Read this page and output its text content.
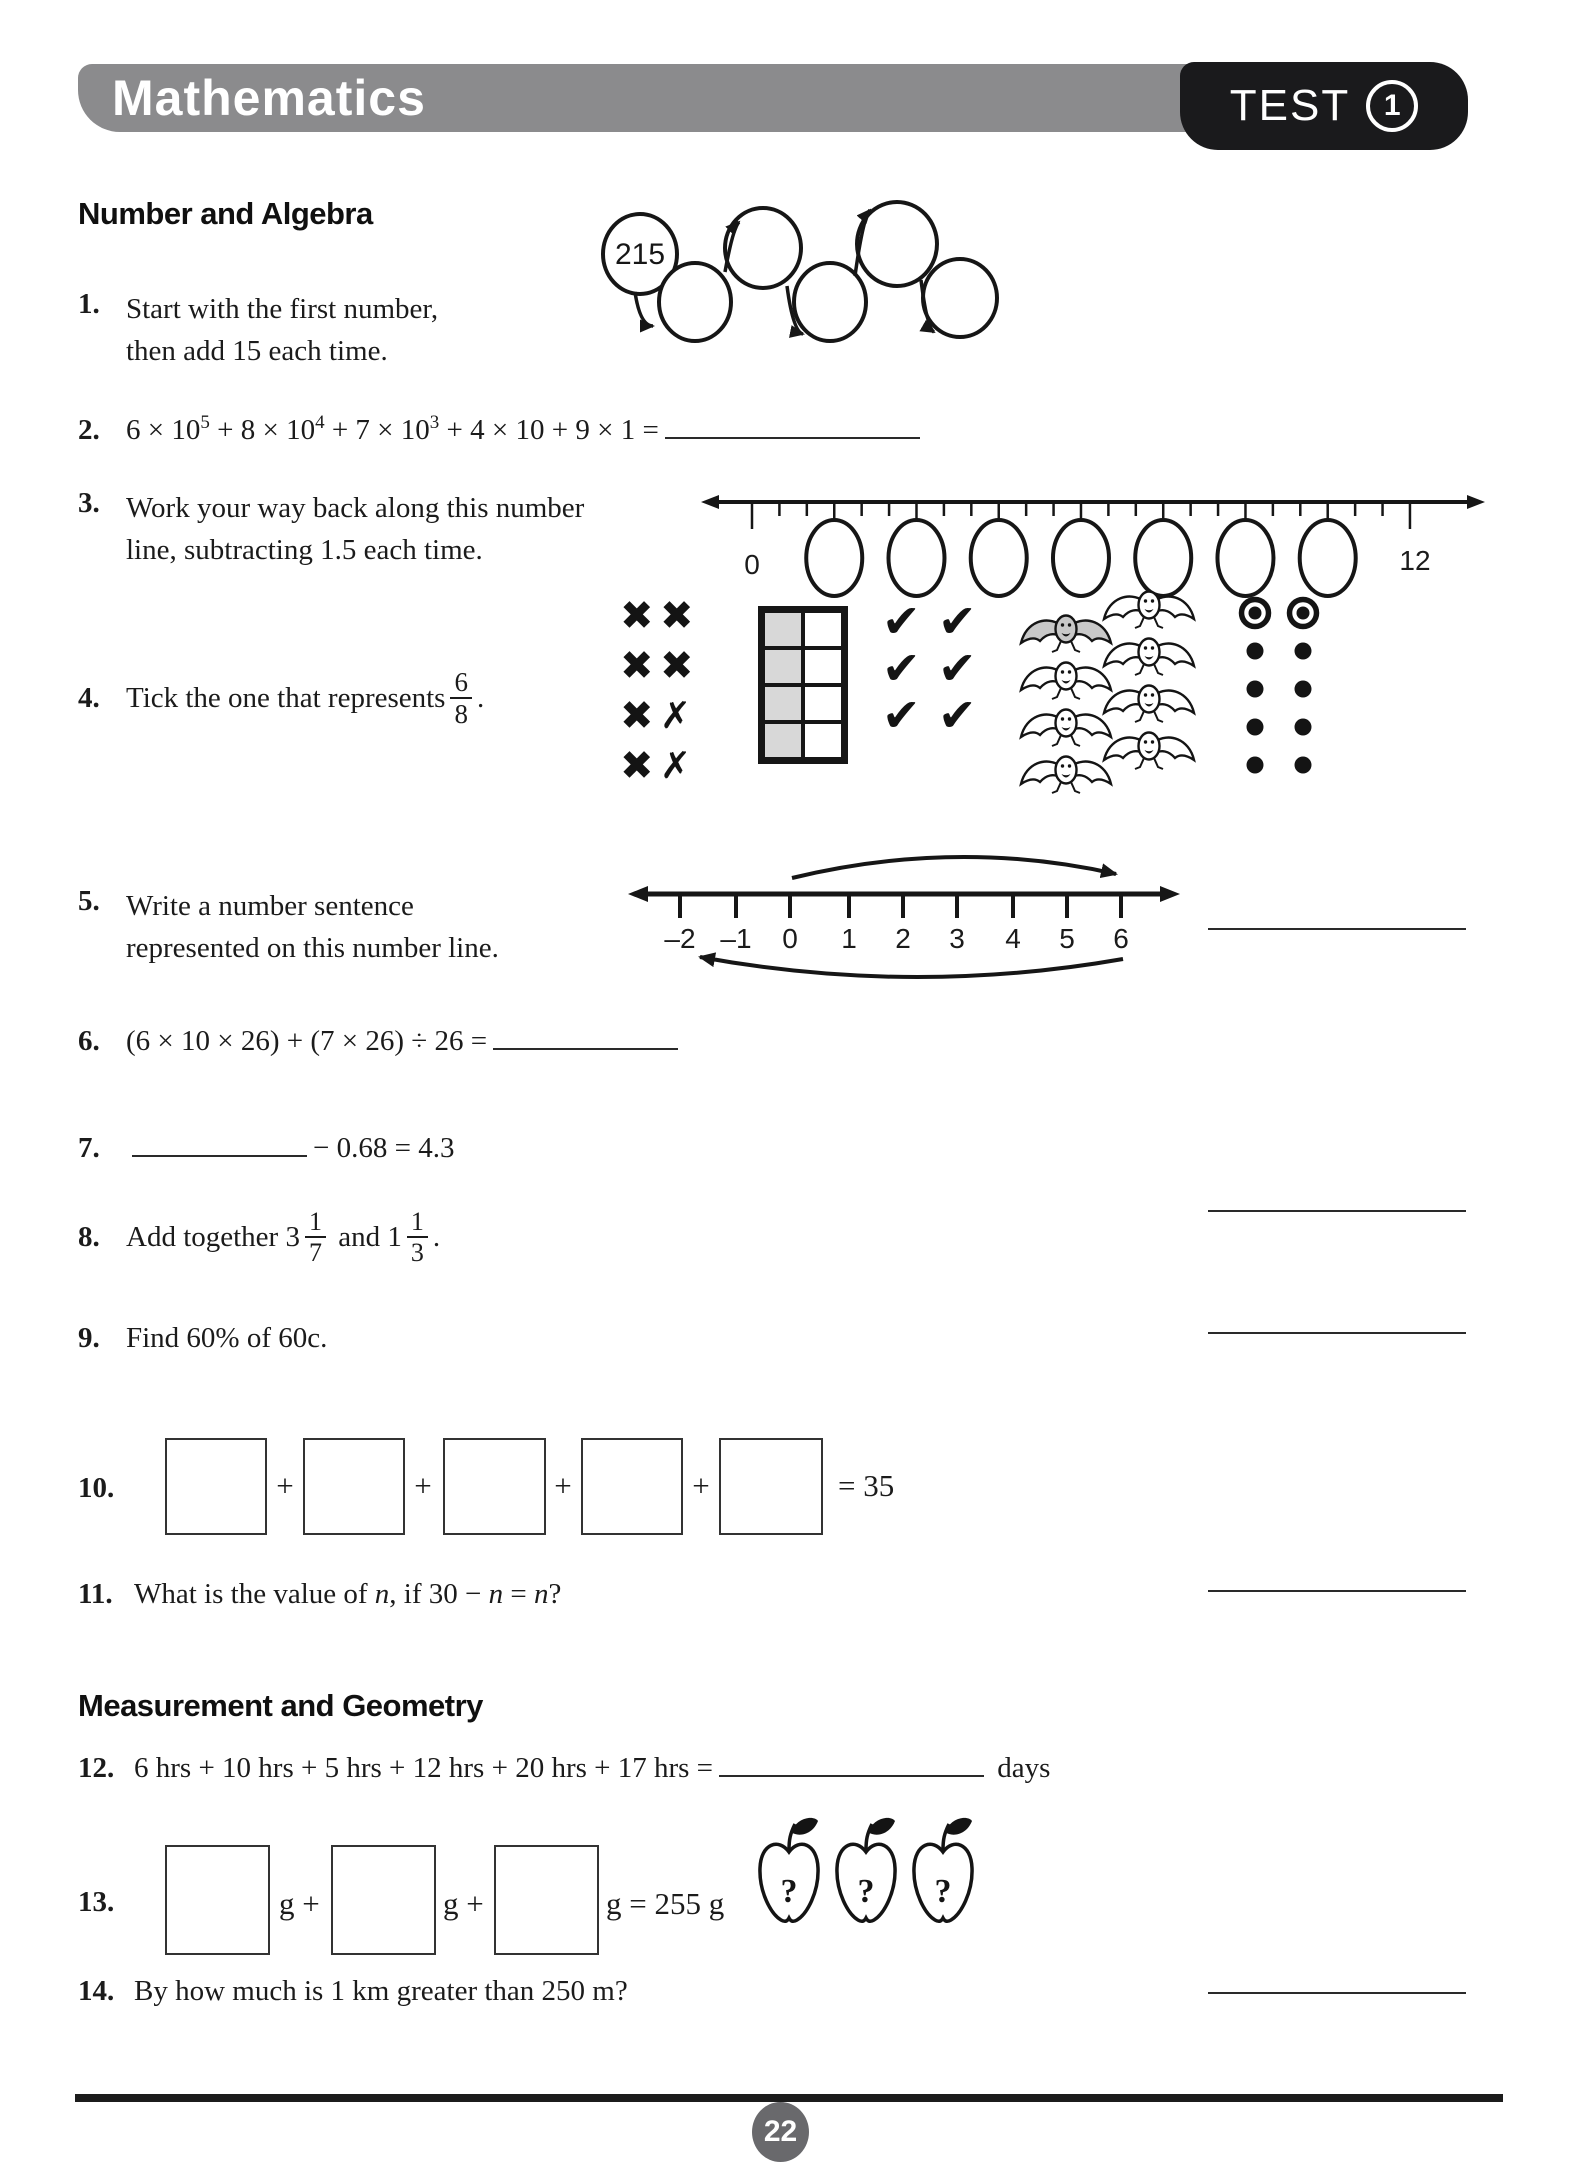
Mathematics	TEST 1
Number and Algebra
1. Start with the first number,
then add 15 each time.
215
2. $6 \times 10^5 + 8 \times 10^4 + 7 \times 10^3 + 4 \times 10 + 9 \times 1$ =
3. Work your way back along this number
line, subtracting 1.5 each time.	0	12
4. Tick the one that represents $\frac{6}{8}$ .
✖ ✖
✖ ✖
✖ ✗
✖ ✗
✔ ✔
✔ ✔
✔ ✔
5. Write a number sentence
represented on this number line.	–2 –1 0 1 2 3 4 5 6
6. (6 × 10 × 26) + (7 × 26) ÷ 26 =
7.	− 0.68 = 4.3
8. Add together $3 \frac{1}{7}$ and $1 \frac{1}{3}$ .
9. Find 60% of 60c.
10.	+	+	+	+	= 35
11. What is the value of n, if 30 − n = n?
Measurement and Geometry
12. 6 hrs + 10 hrs + 5 hrs + 12 hrs + 20 hrs + 17 hrs =	days
13.	g +	g +	g = 255 g ? ? ?
14. By how much is 1 km greater than 250 m?
22
